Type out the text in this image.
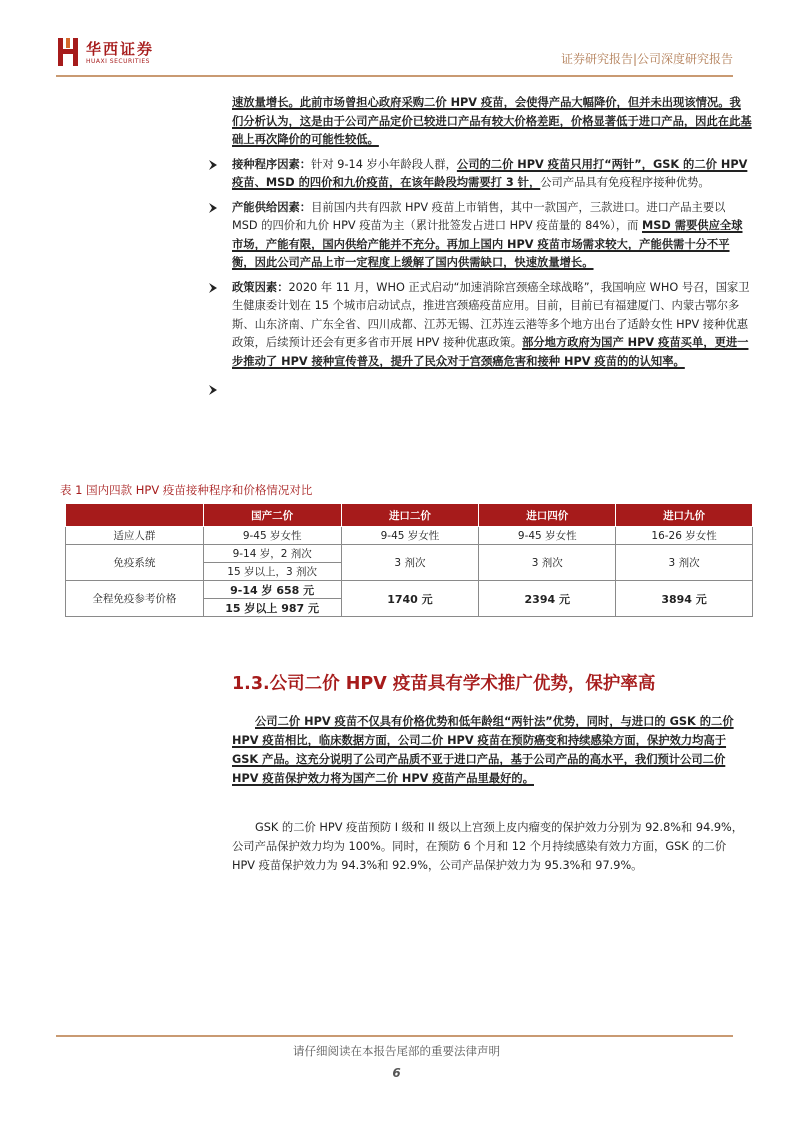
华西证券
HUAXI SECURITIES	证券研究报告|公司深度研究报告
速放量增长。此前市场曾担心政府采购二价 HPV 疫苗，会使得产品大幅降价，但并未出现该情况。我们分析认为，这是由于公司产品定价已较进口产品有较大价格差距，价格显著低于进口产品，因此在此基础上再次降价的可能性较低。
接种程序因素：针对 9-14 岁小年龄段人群，公司的二价 HPV 疫苗只用打“两针”，GSK 的二价 HPV 疫苗、MSD 的四价和九价疫苗，在该年龄段均需要打 3 针，公司产品具有免疫程序接种优势。
产能供给因素：目前国内共有四款 HPV 疫苗上市销售，其中一款国产，三款进口。进口产品主要以 MSD 的四价和九价 HPV 疫苗为主（累计批签发占进口 HPV 疫苗量的 84%），而 MSD 需要供应全球市场，产能有限，国内供给产能并不充分。再加上国内 HPV 疫苗市场需求较大，产能供需十分不平衡，因此公司产品上市一定程度上缓解了国内供需缺口，快速放量增长。
政策因素：2020 年 11 月，WHO 正式启动“加速消除宫颈癌全球战略”，我国响应 WHO 号召，国家卫生健康委计划在 15 个城市启动试点，推进宫颈癌疫苗应用。目前，目前已有福建厦门、内蒙古鄂尔多斯、山东济南、广东全省、四川成都、江苏无锡、江苏连云港等多个地方出台了适龄女性 HPV 接种优惠政策，后续预计还会有更多省市开展 HPV 接种优惠政策。部分地方政府为国产 HPV 疫苗买单，更进一步推动了 HPV 接种宣传普及，提升了民众对于宫颈癌危害和接种 HPV 疫苗的的认知率。
表 1 国内四款 HPV 疫苗接种程序和价格情况对比
	国产二价	进口二价	进口四价	进口九价
适应人群	9-45 岁女性	9-45 岁女性	9-45 岁女性	16-26 岁女性
免疫系统	9-14 岁，2 剂次	3 剂次	3 剂次	3 剂次
	15 岁以上，3 剂次			
全程免疫参考价格	9-14 岁 658 元	1740 元	2394 元	3894 元
	15 岁以上 987 元			
1.3.公司二价 HPV 疫苗具有学术推广优势，保护率高
公司二价 HPV 疫苗不仅具有价格优势和低年龄组“两针法”优势，同时，与进口的 GSK 的二价 HPV 疫苗相比，临床数据方面，公司二价 HPV 疫苗在预防癌变和持续感染方面，保护效力均高于 GSK 产品。这充分说明了公司产品质不亚于进口产品，基于公司产品的高水平，我们预计公司二价 HPV 疫苗保护效力将为国产二价 HPV 疫苗产品里最好的。
GSK 的二价 HPV 疫苗预防 I 级和 II 级以上宫颈上皮内瘤变的保护效力分别为 92.8%和 94.9%，公司产品保护效力均为 100%。同时，在预防 6 个月和 12 个月持续感染有效力方面，GSK 的二价 HPV 疫苗保护效力为 94.3%和 92.9%，公司产品保护效力为 95.3%和 97.9%。
请仔细阅读在本报告尾部的重要法律声明
6
